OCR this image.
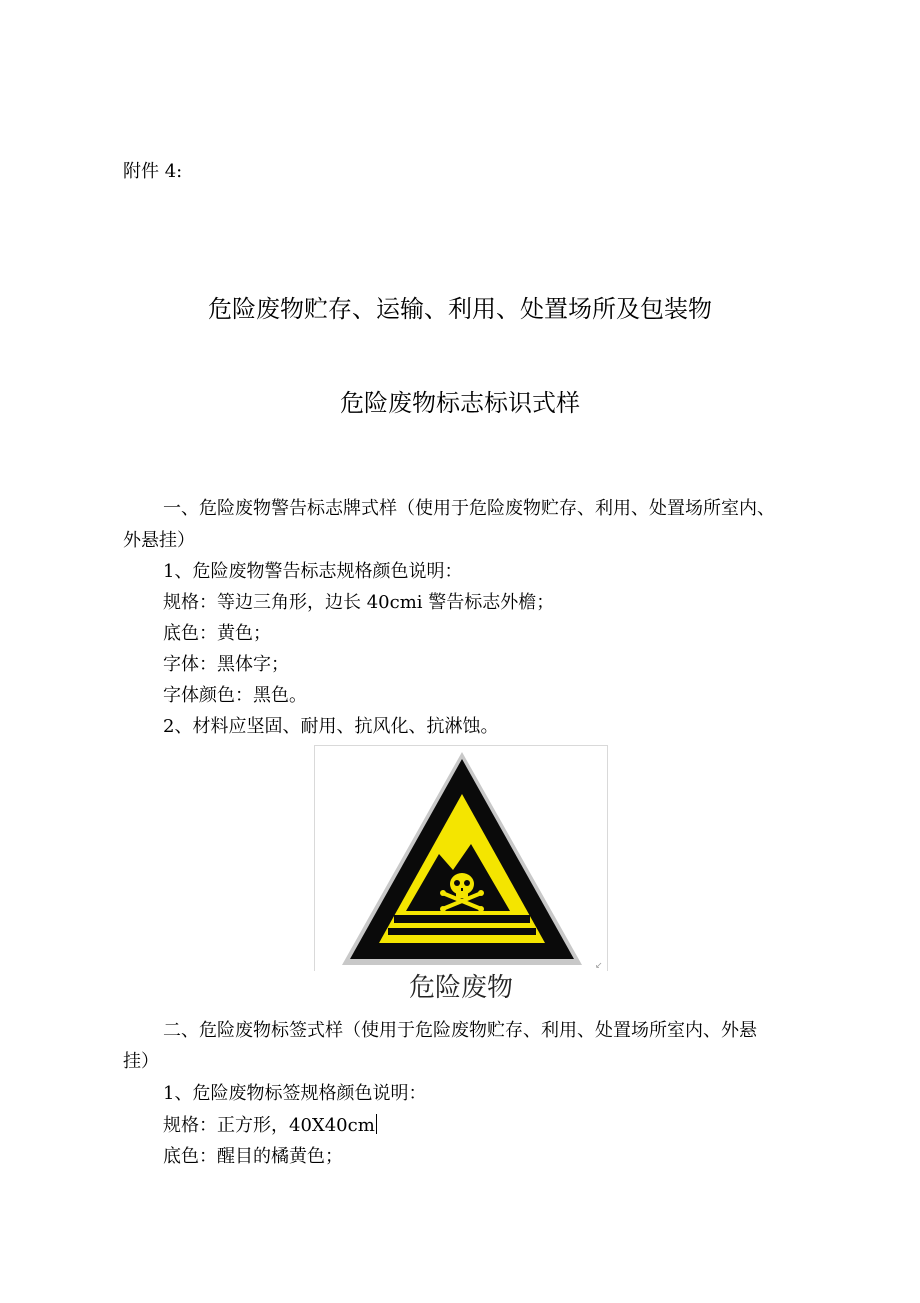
附件 4:
危险废物贮存、运输、利用、处置场所及包装物
危险废物标志标识式样
一、危险废物警告标志牌式样（使用于危险废物贮存、利用、处置场所室内、
外悬挂）
1、危险废物警告标志规格颜色说明：
规格：等边三角形，边长 40cmi 警告标志外檐；
底色：黄色；
字体：黑体字；
字体颜色：黑色。
2、材料应坚固、耐用、抗风化、抗淋蚀。
↙
危险废物
二、危险废物标签式样（使用于危险废物贮存、利用、处置场所室内、外悬
挂）
1、危险废物标签规格颜色说明：
规格：正方形，40X40cm
底色：醒目的橘黄色；
